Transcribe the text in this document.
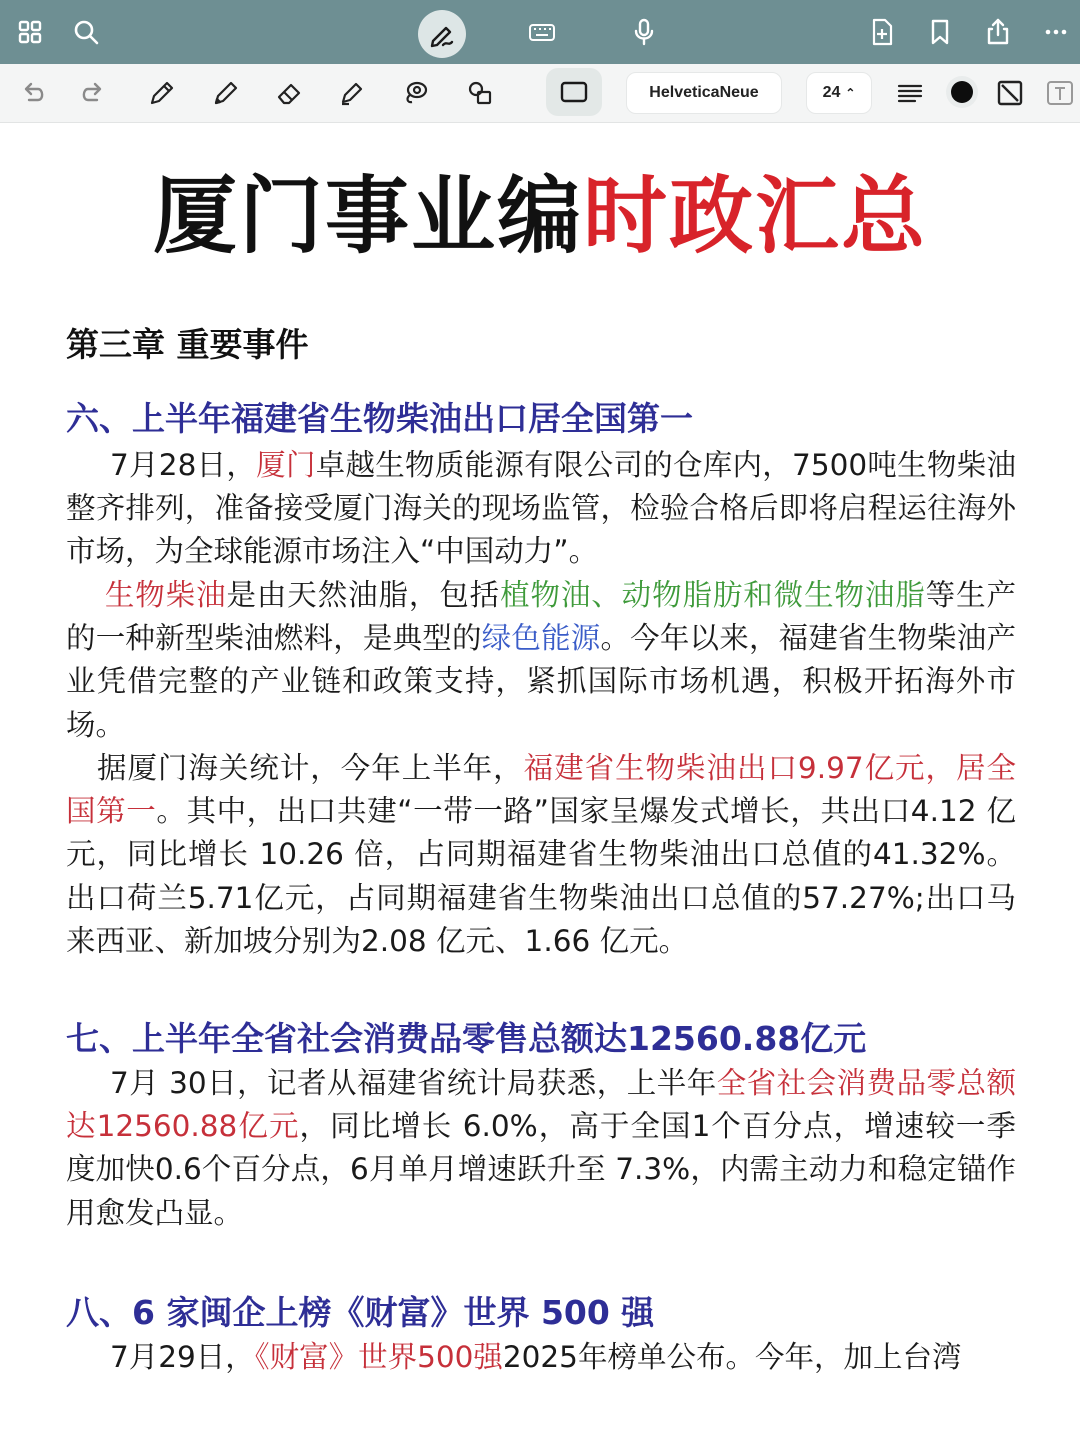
HelveticaNeue	24 ⌃
厦门事业编时政汇总
第三章 重要事件
六、上半年福建省生物柴油出口居全国第一
7月28日，厦门卓越生物质能源有限公司的仓库内，7500吨生物柴油整齐排列，准备接受厦门海关的现场监管，检验合格后即将启程运往海外市场，为全球能源市场注入“中国动力”。
生物柴油是由天然油脂，包括植物油、动物脂肪和微生物油脂等生产的一种新型柴油燃料，是典型的绿色能源。今年以来，福建省生物柴油产业凭借完整的产业链和政策支持，紧抓国际市场机遇，积极开拓海外市场。
据厦门海关统计，今年上半年，福建省生物柴油出口9.97亿元，居全国第一。其中，出口共建“一带一路”国家呈爆发式增长，共出口4.12 亿元，同比增长 10.26 倍，占同期福建省生物柴油出口总值的41.32%。出口荷兰5.71亿元，占同期福建省生物柴油出口总值的57.27%;出口马来西亚、新加坡分别为2.08 亿元、1.66 亿元。
七、上半年全省社会消费品零售总额达12560.88亿元
7月 30日，记者从福建省统计局获悉，上半年全省社会消费品零总额达12560.88亿元，同比增长 6.0%，高于全国1个百分点，增速较一季度加快0.6个百分点，6月单月增速跃升至 7.3%，内需主动力和稳定锚作用愈发凸显。
八、6 家闽企上榜《财富》世界 500 强
7月29日，《财富》世界500强2025年榜单公布。今年，加上台湾
